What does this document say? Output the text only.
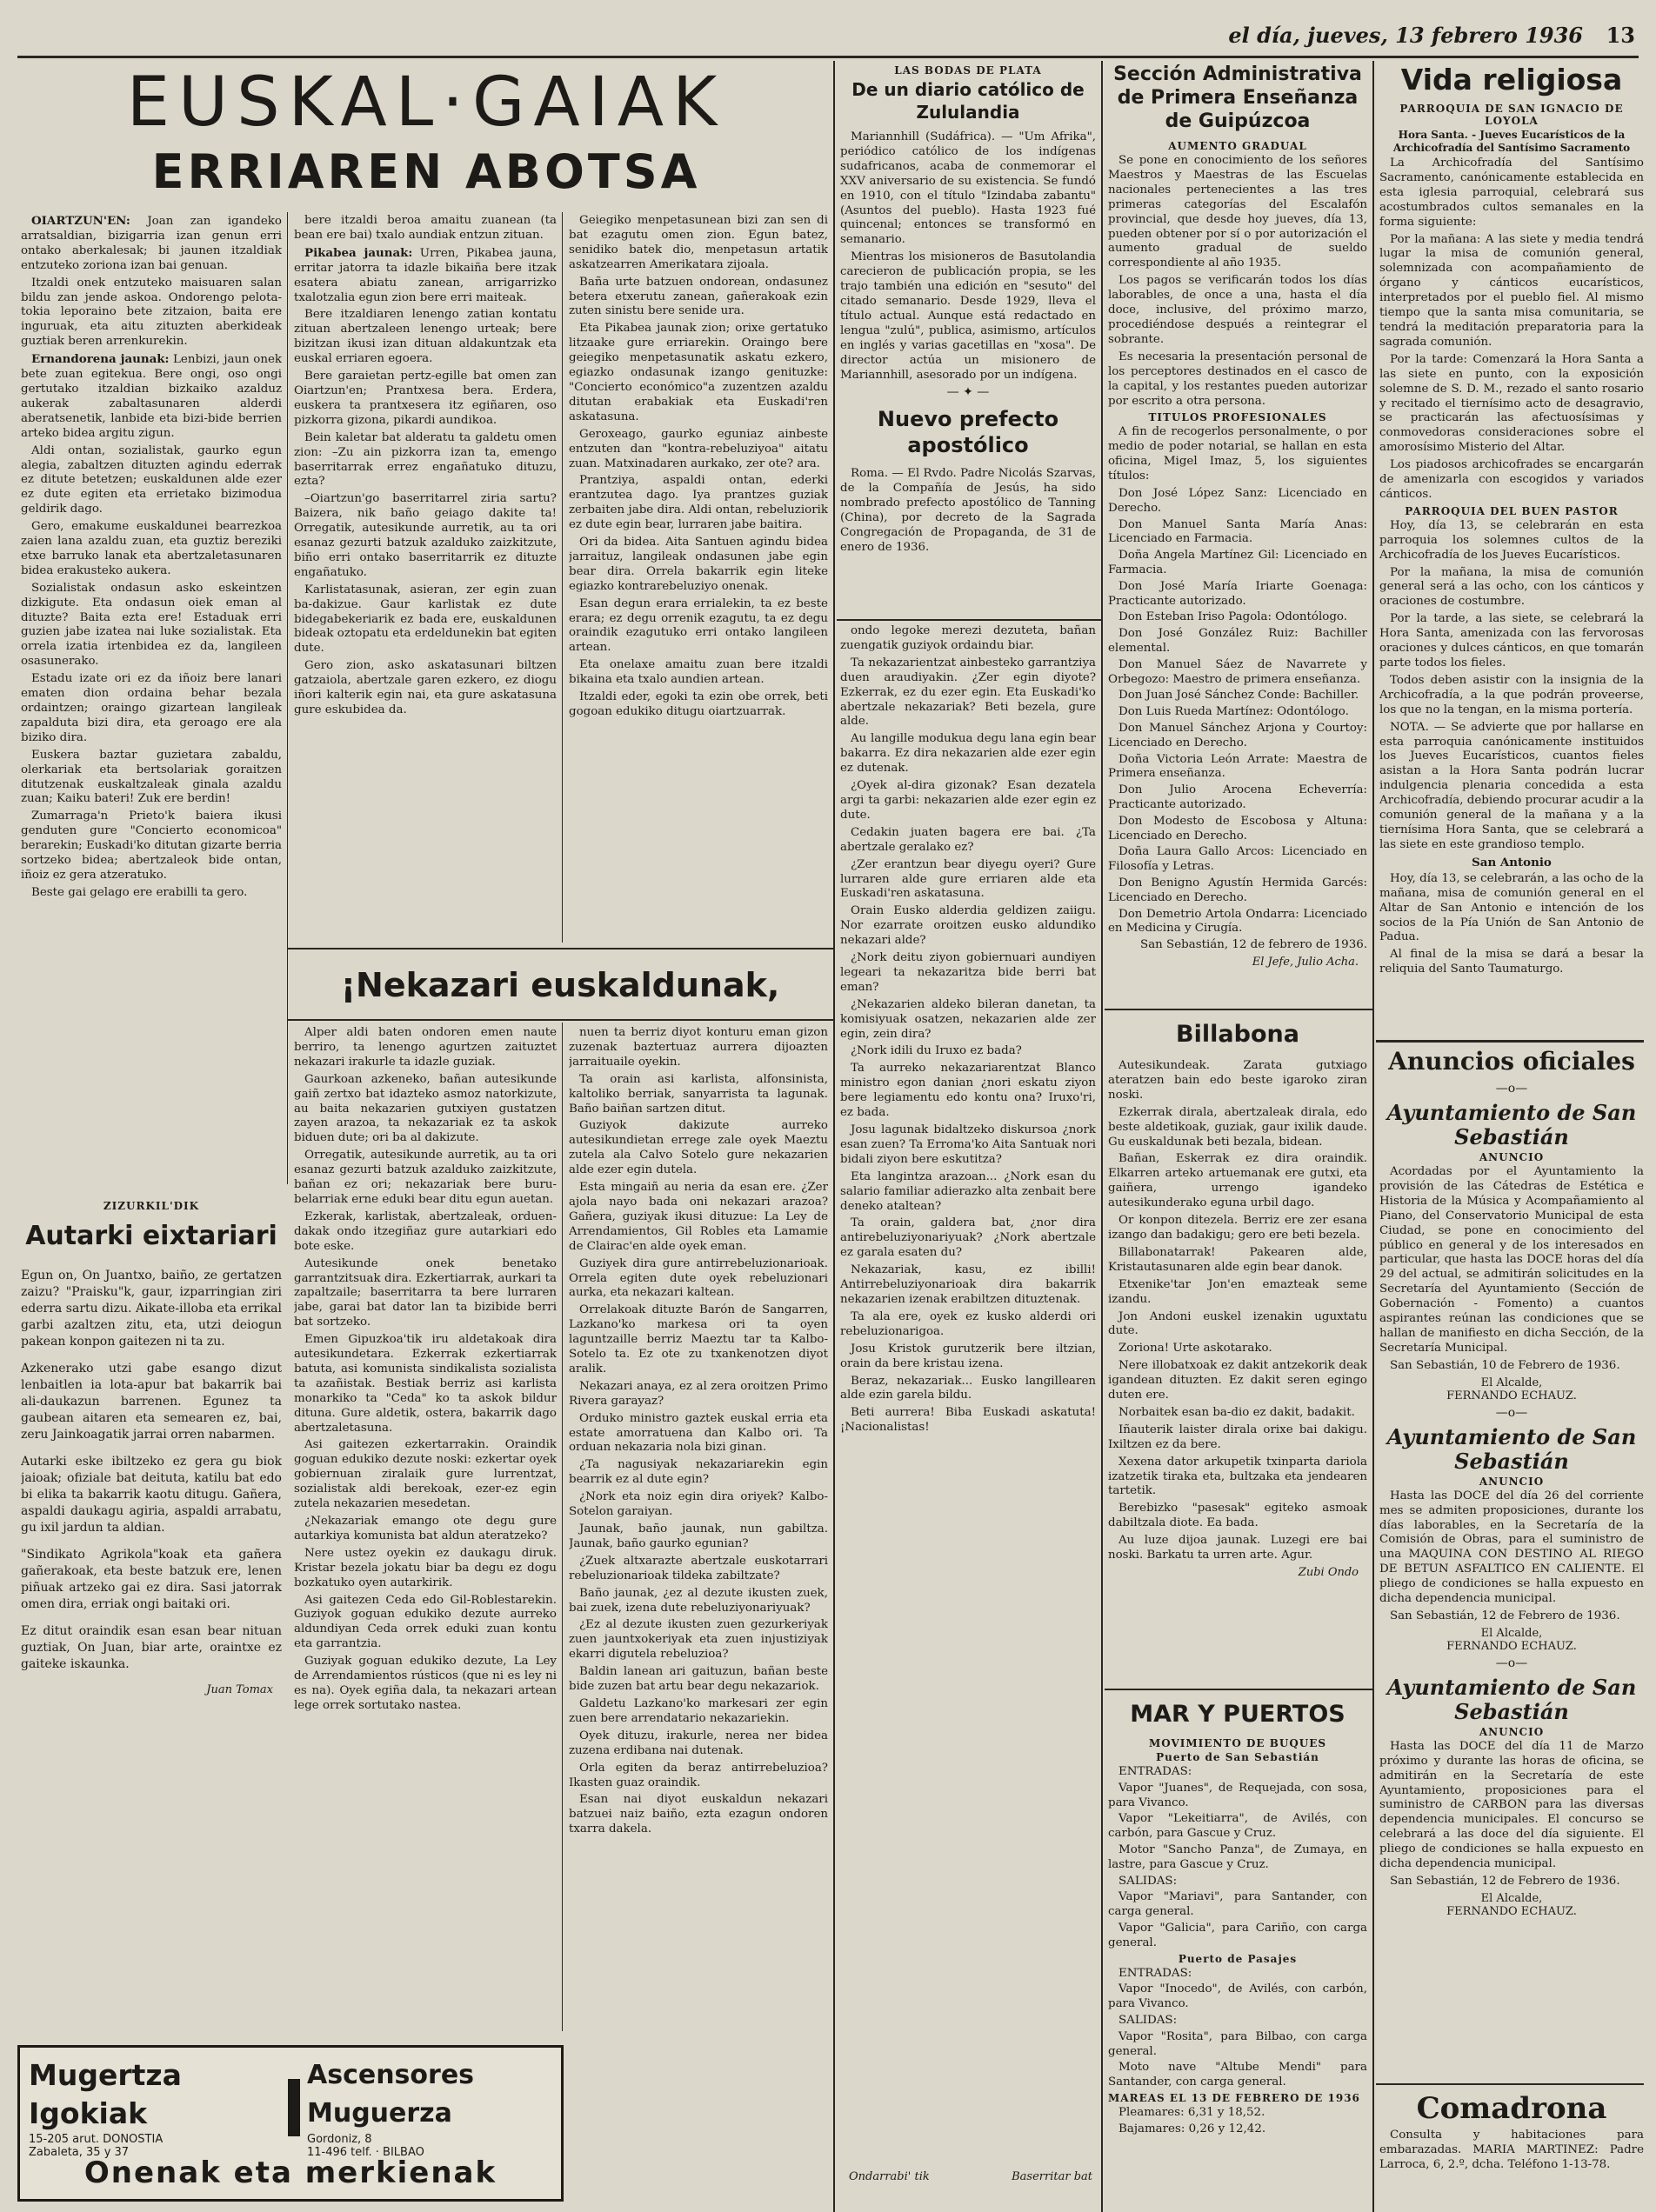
el día, jueves, 13 febrero 1936	13
EUSKAL·GAIAK
ERRIAREN ABOTSA

OIARTZUN'EN: Joan zan igandeko arratsaldian, bizigarria izan genun erri ontako aberkalesak; bi jaunen itzaldiak entzuteko zoriona izan bai genuan.

Itzaldi onek entzuteko maisuaren salan bildu zan jende askoa. Ondorengo pelota-tokia leporaino bete zitzaion, baita ere inguruak, eta aitu zituzten aberkideak guztiak beren arrenkurekin.

Ernandorena jaunak: Lenbizi, jaun onek bete zuan egitekua. Bere ongi, oso ongi gertutako itzaldian bizkaiko azalduz aukerak zabaltasunaren alderdi aberatsenetik, lanbide eta bizi-bide berrien arteko bidea argitu zigun.

Aldi ontan, sozialistak, gaurko egun alegia, zabaltzen dituzten agindu ederrak ez ditute betetzen; euskaldunen alde ezer ez dute egiten eta errietako bizimodua geldirik dago.

Gero, emakume euskaldunei bearrezkoa zaien lana azaldu zuan, eta guztiz bereziki etxe barruko lanak eta abertzaletasunaren bidea erakusteko aukera.

Sozialistak ondasun asko eskeintzen dizkigute. Eta ondasun oiek eman al dituzte? Baita ezta ere! Estaduak erri guzien jabe izatea nai luke sozialistak. Eta orrela izatia irtenbidea ez da, langileen osasunerako.

Estadu izate ori ez da iñoiz bere lanari ematen dion ordaina behar bezala ordaintzen; oraingo gizartean langileak zapalduta bizi dira, eta geroago ere ala biziko dira.

Euskera baztar guzietara zabaldu, olerkariak eta bertsolariak goraitzen ditutzenak euskaltzaleak ginala azaldu zuan; Kaiku bateri! Zuk ere berdin!

Zumarraga'n Prieto'k baiera ikusi genduten gure "Concierto economicoa" berarekin; Euskadi'ko ditutan gizarte berria sortzeko bidea; abertzaleok bide ontan, iñoiz ez gera atzeratuko.

Beste gai gelago ere erabilli ta gero.

bere itzaldi beroa amaitu zuanean (ta bean ere bai) txalo aundiak entzun zituan.

Pikabea jaunak: Urren, Pikabea jauna, erritar jatorra ta idazle bikaiña bere itzak esatera abiatu zanean, arrigarrizko txalotzalia egun zion bere erri maiteak.

Bere itzaldiaren lenengo zatian kontatu zituan abertzaleen lenengo urteak; bere bizitzan ikusi izan dituan aldakuntzak eta euskal erriaren egoera.

Bere garaietan pertz-egille bat omen zan Oiartzun'en; Prantxesa bera. Erdera, euskera ta prantxesera itz egiñaren, oso pizkorra gizona, pikardi aundikoa.

Bein kaletar bat alderatu ta galdetu omen zion: –Zu ain pizkorra izan ta, emengo baserritarrak errez engañatuko dituzu, ezta?

–Oiartzun'go baserritarrel ziria sartu? Baizera, nik baño geiago dakite ta! Orregatik, autesikunde aurretik, au ta ori esanaz gezurti batzuk azalduko zaizkitzute, biño erri ontako baserritarrik ez dituzte engañatuko.

Karlistatasunak, asieran, zer egin zuan ba-dakizue. Gaur karlistak ez dute bidegabekeriarik ez bada ere, euskaldunen bideak oztopatu eta erdeldunekin bat egiten dute.

Gero zion, asko askatasunari biltzen gatzaiola, abertzale garen ezkero, ez diogu iñori kalterik egin nai, eta gure askatasuna gure eskubidea da.

Geiegiko menpetasunean bizi zan sen di bat ezagutu omen zion. Egun batez, senidiko batek dio, menpetasun artatik askatzearren Amerikatara zijoala.

Baña urte batzuen ondorean, ondasunez betera etxerutu zanean, gañerakoak ezin zuten sinistu bere senide ura.

Eta Pikabea jaunak zion; orixe gertatuko litzaake gure erriarekin. Oraingo bere geiegiko menpetasunatik askatu ezkero, egiazko ondasunak izango genituzke: "Concierto económico"a zuzentzen azaldu ditutan erabakiak eta Euskadi'ren askatasuna.

Geroxeago, gaurko eguniaz ainbeste entzuten dan "kontra-rebeluziyoa" aitatu zuan. Matxinadaren aurkako, zer ote? ara.

Prantziya, aspaldi ontan, ederki erantzutea dago. Iya prantzes guziak zerbaiten jabe dira. Aldi ontan, rebeluziorik ez dute egin bear, lurraren jabe baitira.

Ori da bidea. Aita Santuen agindu bidea jarraituz, langileak ondasunen jabe egin bear dira. Orrela bakarrik egin liteke egiazko kontrarebeluziyo onenak.

Esan degun erara errialekin, ta ez beste erara; ez degu orrenik ezagutu, ta ez degu oraindik ezagutuko erri ontako langileen artean.

Eta onelaxe amaitu zuan bere itzaldi bikaina eta txalo aundien artean.

Itzaldi eder, egoki ta ezin obe orrek, beti gogoan edukiko ditugu oiartzuarrak.

ZIZURKIL'DIK
Autarki eixtariari

Egun on, On Juantxo, baiño, ze gertatzen zaizu? "Praisku"k, gaur, izparringian ziri ederra sartu dizu. Aikate-illoba eta errikal garbi azaltzen zitu, eta, utzi deiogun pakean konpon gaitezen ni ta zu.

Azkenerako utzi gabe esango dizut lenbaitlen ia lota-apur bat bakarrik bai ali-daukazun barrenen. Egunez ta gaubean aitaren eta semearen ez, bai, zeru Jainkoagatik jarrai orren nabarmen.

Autarki eske ibiltzeko ez gera gu biok jaioak; ofiziale bat deituta, katilu bat edo bi elika ta bakarrik kaotu ditugu. Gañera, aspaldi daukagu agiria, aspaldi arrabatu, gu ixil jardun ta aldian.

"Sindikato Agrikola"koak eta gañera gañerakoak, eta beste batzuk ere, lenen piñuak artzeko gai ez dira. Sasi jatorrak omen dira, erriak ongi baitaki ori.

Ez ditut oraindik esan esan bear nituan guztiak, On Juan, biar arte, oraintxe ez gaiteke iskaunka.

Juan Tomax
Mugertza Igokiak
15-205 arut. DONOSTIA
Zabaleta, 35 y 37
Ascensores Muguerza
Gordoniz, 8
11-496 telf. · BILBAO
Onenak eta merkienak
¡Nekazari euskaldunak,

Alper aldi baten ondoren emen naute berriro, ta lenengo agurtzen zaituztet nekazari irakurle ta idazle guziak.

Gaurkoan azkeneko, bañan autesikunde gaiñ zertxo bat idazteko asmoz natorkizute, au baita nekazarien gutxiyen gustatzen zayen arazoa, ta nekazariak ez ta askok biduen dute; ori ba al dakizute.

Orregatik, autesikunde aurretik, au ta ori esanaz gezurti batzuk azalduko zaizkitzute, bañan ez ori; nekazariak bere buru-belarriak erne eduki bear ditu egun auetan.

Ezkerak, karlistak, abertzaleak, orduen-dakak ondo itzegiñaz gure autarkiari edo bote eske.

Autesikunde onek benetako garrantzitsuak dira. Ezkertiarrak, aurkari ta zapaltzaile; baserritarra ta bere lurraren jabe, garai bat dator lan ta bizibide berri bat sortzeko.

Emen Gipuzkoa'tik iru aldetakoak dira autesikundetara. Ezkerrak ezkertiarrak batuta, asi komunista sindikalista sozialista ta azañistak. Bestiak berriz asi karlista monarkiko ta "Ceda" ko ta askok bildur dituna. Gure aldetik, ostera, bakarrik dago abertzaletasuna.

Asi gaitezen ezkertarrakin. Oraindik goguan edukiko dezute noski: ezkertar oyek gobiernuan ziralaik gure lurrentzat, sozialistak aldi berekoak, ezer-ez egin zutela nekazarien mesedetan.

¿Nekazariak emango ote degu gure autarkiya komunista bat aldun ateratzeko?

Nere ustez oyekin ez daukagu diruk. Kristar bezela jokatu biar ba degu ez dogu bozkatuko oyen autarkirik.

Asi gaitezen Ceda edo Gil-Roblestarekin. Guziyok goguan edukiko dezute aurreko aldundiyan Ceda orrek eduki zuan kontu eta garrantzia.

Guziyak goguan edukiko dezute, La Ley de Arrendamientos rústicos (que ni es ley ni es na). Oyek egiña dala, ta nekazari artean lege orrek sortutako nastea.

nuen ta berriz diyot konturu eman gizon zuzenak baztertuaz aurrera dijoazten jarraituaile oyekin.

Ta orain asi karlista, alfonsinista, kaltoliko berriak, sanyarrista ta lagunak. Baño baiñan sartzen ditut.

Guziyok dakizute aurreko autesikundietan errege zale oyek Maeztu zutela ala Calvo Sotelo gure nekazarien alde ezer egin dutela.

Esta mingaiñ au neria da esan ere. ¿Zer ajola nayo bada oni nekazari arazoa? Gañera, guziyak ikusi dituzue: La Ley de Arrendamientos, Gil Robles eta Lamamie de Clairac'en alde oyek eman.

Guziyek dira gure antirrebeluzionarioak. Orrela egiten dute oyek rebeluzionari aurka, eta nekazari kaltean.

Orrelakoak dituzte Barón de Sangarren, Lazkano'ko markesa ori ta oyen laguntzaille berriz Maeztu tar ta Kalbo-Sotelo ta. Ez ote zu txankenotzen diyot aralik.

Nekazari anaya, ez al zera oroitzen Primo Rivera garayaz?

Orduko ministro gaztek euskal erria eta estate amorratuena dan Kalbo ori. Ta orduan nekazaria nola bizi ginan.

¿Ta nagusiyak nekazariarekin egin bearrik ez al dute egin?

¿Nork eta noiz egin dira oriyek? Kalbo-Sotelon garaiyan.

Jaunak, baño jaunak, nun gabiltza. Jaunak, baño gaurko egunian?

¿Zuek altxarazte abertzale euskotarrari rebeluzionarioak tildeka zabiltzate?

Baño jaunak, ¿ez al dezute ikusten zuek, bai zuek, izena dute rebeluziyonariyuak?

¿Ez al dezute ikusten zuen gezurkeriyak zuen jauntxokeriyak eta zuen injustiziyak ekarri digutela rebeluzioa?

Baldin lanean ari gaituzun, bañan beste bide zuzen bat artu bear degu nekazariok.

Galdetu Lazkano'ko markesari zer egin zuen bere arrendatario nekazariekin.

Oyek dituzu, irakurle, nerea ner bidea zuzena erdibana nai dutenak.

Orla egiten da beraz antirrebeluzioa? Ikasten guaz oraindik.

Esan nai diyot euskaldun nekazari batzuei naiz baiño, ezta ezagun ondoren txarra dakela.

LAS BODAS DE PLATA
De un diario católico de Zululandia

Mariannhill (Sudáfrica). — "Um Afrika", periódico católico de los indígenas sudafricanos, acaba de conmemorar el XXV aniversario de su existencia. Se fundó en 1910, con el título "Izindaba zabantu" (Asuntos del pueblo). Hasta 1923 fué quincenal; entonces se transformó en semanario.

Mientras los misioneros de Basutolandia carecieron de publicación propia, se les trajo también una edición en "sesuto" del citado semanario. Desde 1929, lleva el título actual. Aunque está redactado en lengua "zulú", publica, asimismo, artículos en inglés y varias gacetillas en "xosa". De director actúa un misionero de Mariannhill, asesorado por un indígena.

— ✦ —
Nuevo prefecto apostólico

Roma. — El Rvdo. Padre Nicolás Szarvas, de la Compañía de Jesús, ha sido nombrado prefecto apostólico de Tanning (China), por decreto de la Sagrada Congregación de Propaganda, de 31 de enero de 1936.

ondo legoke merezi dezuteta, bañan zuengatik guziyok ordaindu biar.

Ta nekazarientzat ainbesteko garrantziya duen araudiyakin. ¿Zer egin diyote? Ezkerrak, ez du ezer egin. Eta Euskadi'ko abertzale nekazariak? Beti bezela, gure alde.

Au langille modukua degu lana egin bear bakarra. Ez dira nekazarien alde ezer egin ez dutenak.

¿Oyek al-dira gizonak? Esan dezatela argi ta garbi: nekazarien alde ezer egin ez dute.

Cedakin juaten bagera ere bai. ¿Ta abertzale geralako ez?

¿Zer erantzun bear diyegu oyeri? Gure lurraren alde gure erriaren alde eta Euskadi'ren askatasuna.

Orain Eusko alderdia geldizen zaiigu. Nor ezarrate oroitzen eusko aldundiko nekazari alde?

¿Nork deitu ziyon gobiernuari aundiyen legeari ta nekazaritza bide berri bat eman?

¿Nekazarien aldeko bileran danetan, ta komisiyuak osatzen, nekazarien alde zer egin, zein dira?

¿Nork idili du Iruxo ez bada?

Ta aurreko nekazariarentzat Blanco ministro egon danian ¿nori eskatu ziyon bere legiamentu edo kontu ona? Iruxo'ri, ez bada.

Josu lagunak bidaltzeko diskursoa ¿nork esan zuen? Ta Erroma'ko Aita Santuak nori bidali ziyon bere eskutitza?

Eta langintza arazoan... ¿Nork esan du salario familiar adierazko alta zenbait bere deneko ataltean?

Ta orain, galdera bat, ¿nor dira antirebeluziyonariyuak? ¿Nork abertzale ez garala esaten du?

Nekazariak, kasu, ez ibilli! Antirrebeluziyonarioak dira bakarrik nekazarien izenak erabiltzen dituztenak.

Ta ala ere, oyek ez kusko alderdi ori rebeluzionarigoa.

Josu Kristok gurutzerik bere iltzian, orain da bere kristau izena.

Beraz, nekazariak... Eusko langillearen alde ezin garela bildu.

Beti aurrera! Biba Euskadi askatuta! ¡Nacionalistas!

Ondarrabi' tik	Baserritar bat
Sección Administrativa de Primera Enseñanza de Guipúzcoa
AUMENTO GRADUAL

Se pone en conocimiento de los señores Maestros y Maestras de las Escuelas nacionales pertenecientes a las tres primeras categorías del Escalafón provincial, que desde hoy jueves, día 13, pueden obtener por sí o por autorización el aumento gradual de sueldo correspondiente al año 1935.

Los pagos se verificarán todos los días laborables, de once a una, hasta el día doce, inclusive, del próximo marzo, procediéndose después a reintegrar el sobrante.

Es necesaria la presentación personal de los perceptores destinados en el casco de la capital, y los restantes pueden autorizar por escrito a otra persona.

TITULOS PROFESIONALES

A fin de recogerlos personalmente, o por medio de poder notarial, se hallan en esta oficina, Migel Imaz, 5, los siguientes títulos:

Don José López Sanz: Licenciado en Derecho.

Don Manuel Santa María Anas: Licenciado en Farmacia.

Doña Angela Martínez Gil: Licenciado en Farmacia.

Don José María Iriarte Goenaga: Practicante autorizado.

Don Esteban Iriso Pagola: Odontólogo.

Don José González Ruiz: Bachiller elemental.

Don Manuel Sáez de Navarrete y Orbegozo: Maestro de primera enseñanza.

Don Juan José Sánchez Conde: Bachiller.

Don Luis Rueda Martínez: Odontólogo.

Don Manuel Sánchez Arjona y Courtoy: Licenciado en Derecho.

Doña Victoria León Arrate: Maestra de Primera enseñanza.

Don Julio Arocena Echeverría: Practicante autorizado.

Don Modesto de Escobosa y Altuna: Licenciado en Derecho.

Doña Laura Gallo Arcos: Licenciado en Filosofía y Letras.

Don Benigno Agustín Hermida Garcés: Licenciado en Derecho.

Don Demetrio Artola Ondarra: Licenciado en Medicina y Cirugía.

San Sebastián, 12 de febrero de 1936.
El Jefe, Julio Acha.
Billabona

Autesikundeak. Zarata gutxiago ateratzen bain edo beste igaroko ziran noski.

Ezkerrak dirala, abertzaleak dirala, edo beste aldetikoak, guziak, gaur ixilik daude. Gu euskaldunak beti bezala, bidean.

Bañan, Eskerrak ez dira oraindik. Elkarren arteko artuemanak ere gutxi, eta gaiñera, urrengo igandeko autesikunderako eguna urbil dago.

Or konpon ditezela. Berriz ere zer esana izango dan badakigu; gero ere beti bezela.

Billabonatarrak! Pakearen alde, Kristautasunaren alde egin bear danok.

Etxenike'tar Jon'en emazteak seme izandu.

Jon Andoni euskel izenakin uguxtatu dute.

Zoriona! Urte askotarako.

Nere illobatxoak ez dakit antzekorik deak igandean dituzten. Ez dakit seren egingo duten ere.

Norbaitek esan ba-dio ez dakit, badakit.

Iñauterik laister dirala orixe bai dakigu. Ixiltzen ez da bere.

Xexena dator arkupetik txinparta dariola izatzetik tiraka eta, bultzaka eta jendearen tartetik.

Berebizko "pasesak" egiteko asmoak dabiltzala diote. Ea bada.

Au luze dijoa jaunak. Luzegi ere bai noski. Barkatu ta urren arte. Agur.

Zubi Ondo
MAR Y PUERTOS
MOVIMIENTO DE BUQUES
Puerto de San Sebastián

ENTRADAS:

Vapor "Juanes", de Requejada, con sosa, para Vivanco.

Vapor "Lekeitiarra", de Avilés, con carbón, para Gascue y Cruz.

Motor "Sancho Panza", de Zumaya, en lastre, para Gascue y Cruz.

SALIDAS:

Vapor "Mariavi", para Santander, con carga general.

Vapor "Galicia", para Cariño, con carga general.

Puerto de Pasajes

ENTRADAS:

Vapor "Inocedo", de Avilés, con carbón, para Vivanco.

SALIDAS:

Vapor "Rosita", para Bilbao, con carga general.

Moto nave "Altube Mendi" para Santander, con carga general.

MAREAS EL 13 DE FEBRERO DE 1936

Pleamares: 6,31 y 18,52.

Bajamares: 0,26 y 12,42.

Vida religiosa
PARROQUIA DE SAN IGNACIO DE LOYOLA
Hora Santa. - Jueves Eucarísticos de la Archicofradía del Santísimo Sacramento

La Archicofradía del Santísimo Sacramento, canónicamente establecida en esta iglesia parroquial, celebrará sus acostumbrados cultos semanales en la forma siguiente:

Por la mañana: A las siete y media tendrá lugar la misa de comunión general, solemnizada con acompañamiento de órgano y cánticos eucarísticos, interpretados por el pueblo fiel. Al mismo tiempo que la santa misa comunitaria, se tendrá la meditación preparatoria para la sagrada comunión.

Por la tarde: Comenzará la Hora Santa a las siete en punto, con la exposición solemne de S. D. M., rezado el santo rosario y recitado el tiernísimo acto de desagravio, se practicarán las afectuosísimas y conmovedoras consideraciones sobre el amorosísimo Misterio del Altar.

Los piadosos archicofrades se encargarán de amenizarla con escogidos y variados cánticos.

PARROQUIA DEL BUEN PASTOR

Hoy, día 13, se celebrarán en esta parroquia los solemnes cultos de la Archicofradía de los Jueves Eucarísticos.

Por la mañana, la misa de comunión general será a las ocho, con los cánticos y oraciones de costumbre.

Por la tarde, a las siete, se celebrará la Hora Santa, amenizada con las fervorosas oraciones y dulces cánticos, en que tomarán parte todos los fieles.

Todos deben asistir con la insignia de la Archicofradía, a la que podrán proveerse, los que no la tengan, en la misma portería.

NOTA. — Se advierte que por hallarse en esta parroquia canónicamente instituidos los Jueves Eucarísticos, cuantos fieles asistan a la Hora Santa podrán lucrar indulgencia plenaria concedida a esta Archicofradía, debiendo procurar acudir a la comunión general de la mañana y a la tiernísima Hora Santa, que se celebrará a las siete en este grandioso templo.

San Antonio

Hoy, día 13, se celebrarán, a las ocho de la mañana, misa de comunión general en el Altar de San Antonio e intención de los socios de la Pía Unión de San Antonio de Padua.

Al final de la misa se dará a besar la reliquia del Santo Taumaturgo.

Anuncios oficiales
—o—
Ayuntamiento de San Sebastián
ANUNCIO

Acordadas por el Ayuntamiento la provisión de las Cátedras de Estética e Historia de la Música y Acompañamiento al Piano, del Conservatorio Municipal de esta Ciudad, se pone en conocimiento del público en general y de los interesados en particular, que hasta las DOCE horas del día 29 del actual, se admitirán solicitudes en la Secretaría del Ayuntamiento (Sección de Gobernación - Fomento) a cuantos aspirantes reúnan las condiciones que se hallan de manifiesto en dicha Sección, de la Secretaría Municipal.

San Sebastián, 10 de Febrero de 1936.

El Alcalde,
FERNANDO ECHAUZ.
—o—
Ayuntamiento de San Sebastián
ANUNCIO

Hasta las DOCE del día 26 del corriente mes se admiten proposiciones, durante los días laborables, en la Secretaría de la Comisión de Obras, para el suministro de una MAQUINA CON DESTINO AL RIEGO DE BETUN ASFALTICO EN CALIENTE. El pliego de condiciones se halla expuesto en dicha dependencia municipal.

San Sebastián, 12 de Febrero de 1936.

El Alcalde,
FERNANDO ECHAUZ.
—o—
Ayuntamiento de San Sebastián
ANUNCIO

Hasta las DOCE del día 11 de Marzo próximo y durante las horas de oficina, se admitirán en la Secretaría de este Ayuntamiento, proposiciones para el suministro de CARBON para las diversas dependencia municipales. El concurso se celebrará a las doce del día siguiente. El pliego de condiciones se halla expuesto en dicha dependencia municipal.

San Sebastián, 12 de Febrero de 1936.

El Alcalde,
FERNANDO ECHAUZ.
Comadrona

Consulta y habitaciones para embarazadas. MARIA MARTINEZ: Padre Larroca, 6, 2.º, dcha. Teléfono 1-13-78.
